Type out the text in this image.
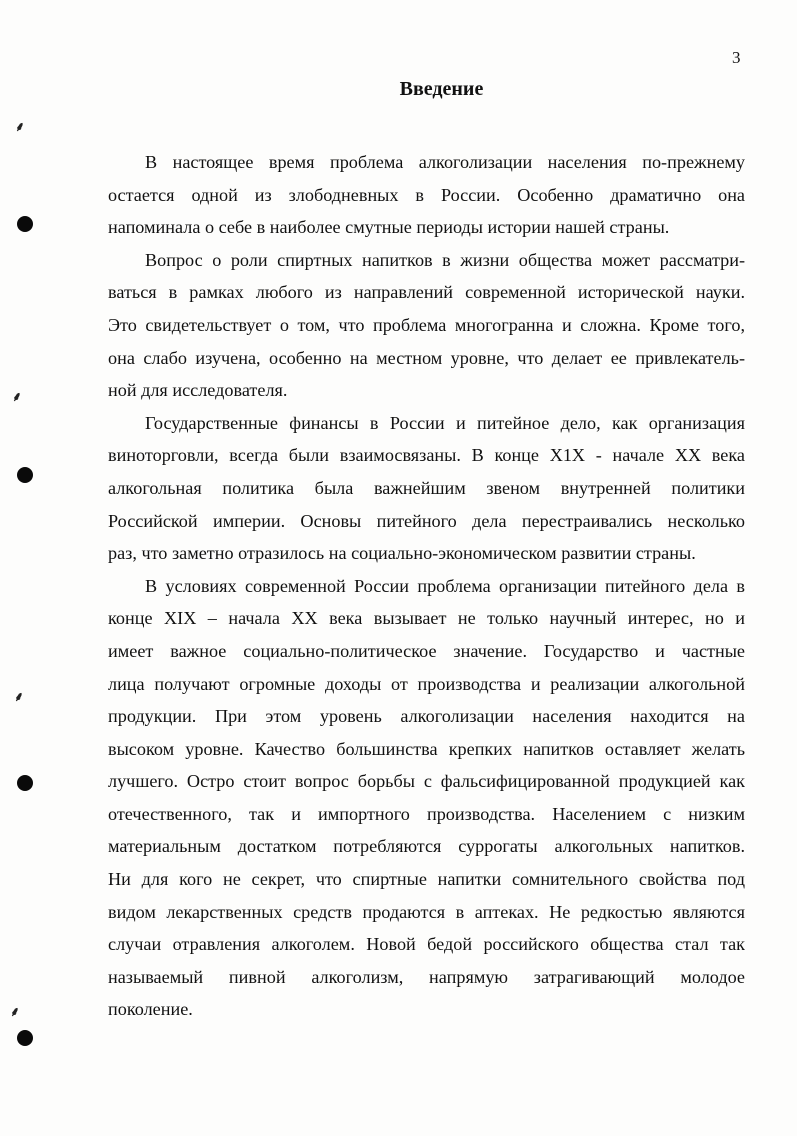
⸙
⸙
⸙
⸙
3
Введение
В настоящее время проблема алкоголизации населения по-прежнему
остается одной из злободневных в России. Особенно драматично она
напоминала о себе в наиболее смутные периоды истории нашей страны.
Вопрос о роли спиртных напитков в жизни общества может рассматри-
ваться в рамках любого из направлений современной исторической науки.
Это свидетельствует о том, что проблема многогранна и сложна. Кроме того,
она слабо изучена, особенно на местном уровне, что делает ее привлекатель-
ной для исследователя.
Государственные финансы в России и питейное дело, как организация
виноторговли, всегда были взаимосвязаны. В конце Х1Х - начале XX века
алкогольная политика была важнейшим звеном внутренней политики
Российской империи. Основы питейного дела перестраивались несколько
раз, что заметно отразилось на социально-экономическом развитии страны.
В условиях современной России проблема организации питейного дела в
конце XIX – начала XX века вызывает не только научный интерес, но и
имеет важное социально-политическое значение. Государство и частные
лица получают огромные доходы от производства и реализации алкогольной
продукции. При этом уровень алкоголизации населения находится на
высоком уровне. Качество большинства крепких напитков оставляет желать
лучшего. Остро стоит вопрос борьбы с фальсифицированной продукцией как
отечественного, так и импортного производства. Населением с низким
материальным достатком потребляются суррогаты алкогольных напитков.
Ни для кого не секрет, что спиртные напитки сомнительного свойства под
видом лекарственных средств продаются в аптеках. Не редкостью являются
случаи отравления алкоголем. Новой бедой российского общества стал так
называемый пивной алкоголизм, напрямую затрагивающий молодое
поколение.
